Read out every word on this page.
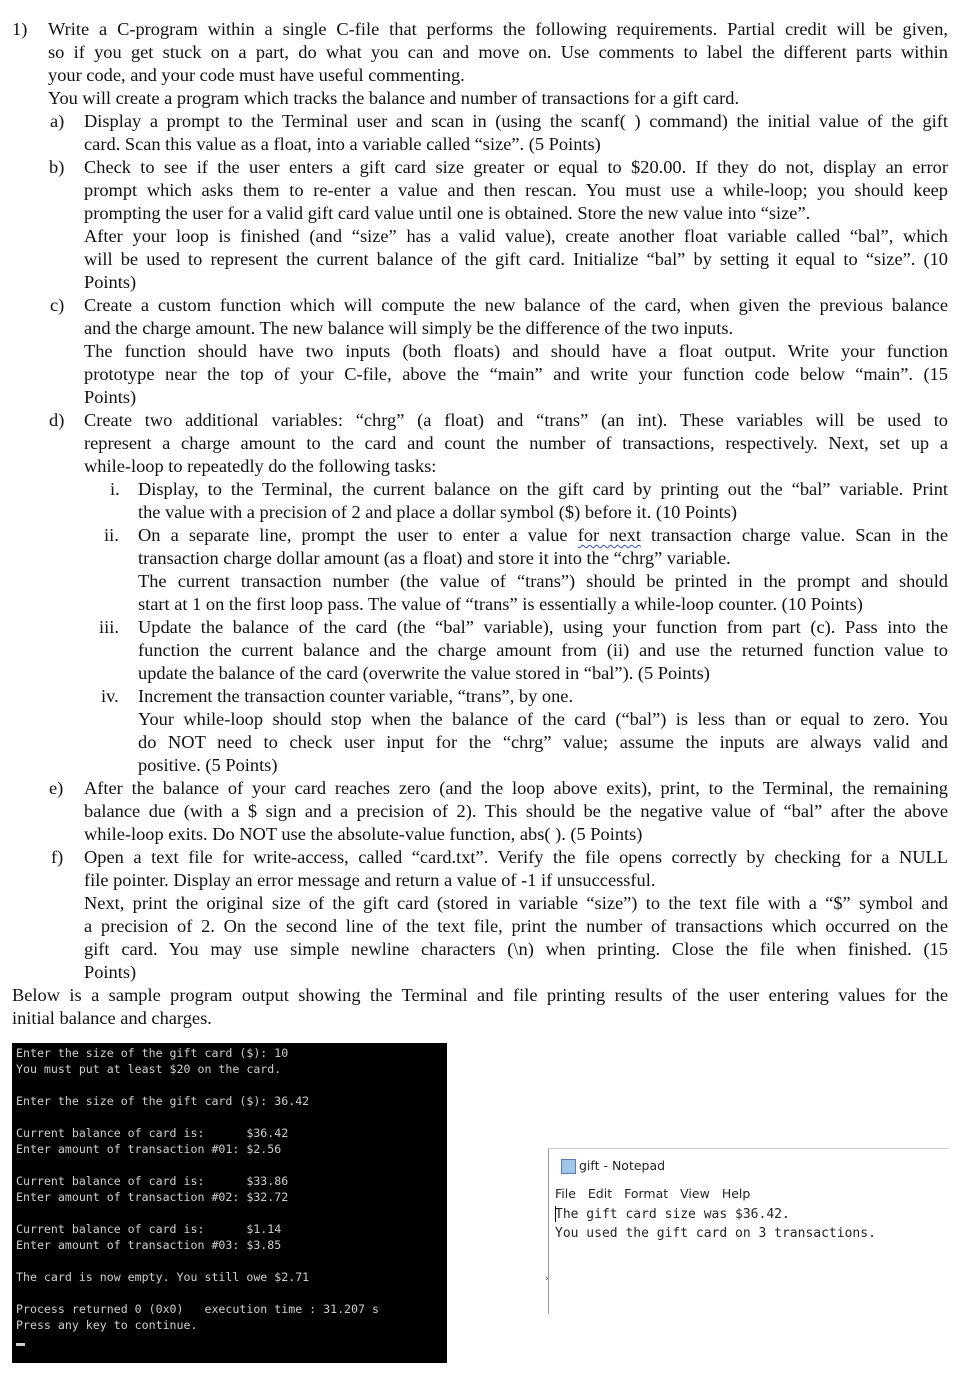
1) Write a C-program within a single C-file that performs the following requirements. Partial credit will be given,
so if you get stuck on a part, do what you can and move on. Use comments to label the different parts within
your code, and your code must have useful commenting.
You will create a program which tracks the balance and number of transactions for a gift card.
a) Display a prompt to the Terminal user and scan in (using the scanf( ) command) the initial value of the gift
card. Scan this value as a float, into a variable called “size”. (5 Points)
b) Check to see if the user enters a gift card size greater or equal to $20.00. If they do not, display an error
prompt which asks them to re-enter a value and then rescan. You must use a while-loop; you should keep
prompting the user for a valid gift card value until one is obtained. Store the new value into “size”.
After your loop is finished (and “size” has a valid value), create another float variable called “bal”, which
will be used to represent the current balance of the gift card. Initialize “bal” by setting it equal to “size”. (10
Points)
c) Create a custom function which will compute the new balance of the card, when given the previous balance
and the charge amount. The new balance will simply be the difference of the two inputs.
The function should have two inputs (both floats) and should have a float output. Write your function
prototype near the top of your C-file, above the “main” and write your function code below “main”. (15
Points)
d) Create two additional variables: “chrg” (a float) and “trans” (an int). These variables will be used to
represent a charge amount to the card and count the number of transactions, respectively. Next, set up a
while-loop to repeatedly do the following tasks:
i. Display, to the Terminal, the current balance on the gift card by printing out the “bal” variable. Print
the value with a precision of 2 and place a dollar symbol ($) before it. (10 Points)
ii. On a separate line, prompt the user to enter a value for next transaction charge value. Scan in the
transaction charge dollar amount (as a float) and store it into the “chrg” variable.
The current transaction number (the value of “trans”) should be printed in the prompt and should
start at 1 on the first loop pass. The value of “trans” is essentially a while-loop counter. (10 Points)
iii. Update the balance of the card (the “bal” variable), using your function from part (c). Pass into the
function the current balance and the charge amount from (ii) and use the returned function value to
update the balance of the card (overwrite the value stored in “bal”). (5 Points)
iv. Increment the transaction counter variable, “trans”, by one.
Your while-loop should stop when the balance of the card (“bal”) is less than or equal to zero. You
do NOT need to check user input for the “chrg” value; assume the inputs are always valid and
positive. (5 Points)
e) After the balance of your card reaches zero (and the loop above exits), print, to the Terminal, the remaining
balance due (with a $ sign and a precision of 2). This should be the negative value of “bal” after the above
while-loop exits. Do NOT use the absolute-value function, abs( ). (5 Points)
f) Open a text file for write-access, called “card.txt”. Verify the file opens correctly by checking for a NULL
file pointer. Display an error message and return a value of -1 if unsuccessful.
Next, print the original size of the gift card (stored in variable “size”) to the text file with a “$” symbol and
a precision of 2. On the second line of the text file, print the number of transactions which occurred on the
gift card. You may use simple newline characters (\n) when printing. Close the file when finished. (15
Points)
Below is a sample program output showing the Terminal and file printing results of the user entering values for the
initial balance and charges.
Enter the size of the gift card ($): 10
You must put at least $20 on the card.
Enter the size of the gift card ($): 36.42
Current balance of card is:      $36.42
Enter amount of transaction #01: $2.56
Current balance of card is:      $33.86
Enter amount of transaction #02: $32.72
Current balance of card is:      $1.14
Enter amount of transaction #03: $3.85
The card is now empty. You still owe $2.71
Process returned 0 (0x0)   execution time : 31.207 s
Press any key to continue.
gift - Notepad
File Edit Format View Help
The gift card size was $36.42.
You used the gift card on 3 transactions.
›
